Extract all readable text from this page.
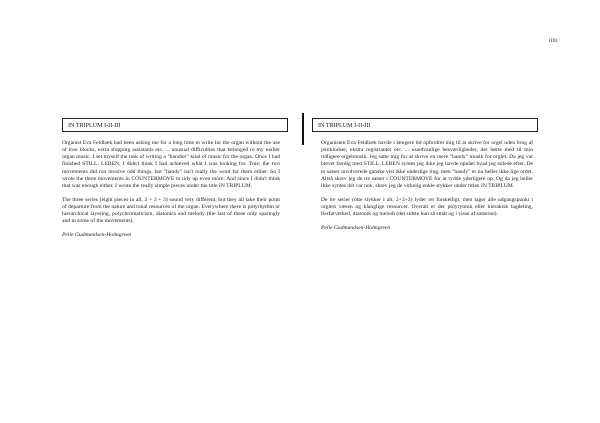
(III)
IN TRIPLUM I-II-III

Organist Eva Feldbæk had been asking me for a long time to write for the organ without the use of iron blocks, extra stopping assistants etc. ... unusual difficulties that belonged to my earlier organ music. I set myself the task of writing a "handier" kind of music for the organ. Once I had finished STILL. LEBEN, I didn't think I had achieved what I was looking for. True, the two movements did not involve odd things, but "handy" isn't really the word for them either. So I wrote the three movements in COUNTERMOVE to tidy up even more. And since I didn't think that was enough either, I wrote the really simple pieces under the title IN TRIPLUM.

The three series (eight pieces in all, 2 + 3 + 3) sound very different, but they all take their point of departure from the nature and tonal resources of the organ. Everywhere there is polyrhythm or hierarchical layering, polychromaticism, diatonics and melody (the last of these only sparingly and in some of the movements).

Pelle Gudmundsen-Holmgreen
IN TRIPLUM I-II-III

Organisten Eva Feldbæk havde i længere tid opfordret mig til at skrive for orgel uden brug af jernklodser, ekstra registranter etc. ... usædvanlige besværligheder, der hørte med til min tidligere orgelmusik. Jeg satte mig for at skrive en mere "handy" musik for orglet. Da jeg var blevet færdig med STILL. LEBEN syntes jeg ikke jeg havde opnået hvad jeg stilede efter. De to satser involverede ganske vist ikke underlige ting, men "handy" er nu heller ikke lige ordet. Altså skrev jeg de tre satser i COUNTERMOVE for at rydde yderligere op. Og da jeg heller ikke syntes det var nok, skrev jeg de virkelig enkle stykker under titlen IN TRIPLUM.

De tre serier (otte stykker i alt, 2+3+3) lyder ret forskelligt, men tager alle udgangspunkt i orglets væsen og klanglige resourcer. Overalt er der polyrytmik eller hierakisk lagdeling, flerfarvethed, diatonik og melodi (det sidste kun så småt og i visse af satserne).

Pelle Gudmundsen-Holmgreen
